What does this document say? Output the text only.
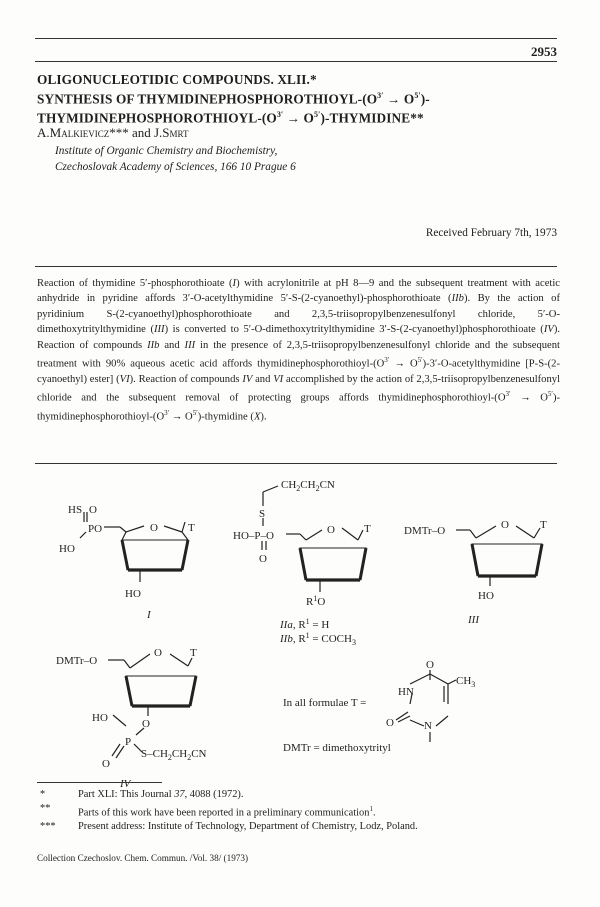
2953
OLIGONUCLEOTIDIC COMPOUNDS. XLII.*
SYNTHESIS OF THYMIDINEPHOSPHOROTHIOYL-$(O^{3'} \to O^{5'})-$
THYMIDINEPHOSPHOROTHIOYL-($O^{3'}$ → $O^{5'})-THYMIDINE**$
A.Malkievicz*** and J.Smrt
Institute of Organic Chemistry and Biochemistry,
Czechoslovak Academy of Sciences, 166 10 Prague 6
Received February 7th, 1973
Reaction of thymidine 5′-phosphorothioate (I) with acrylonitrile at pH 8—9 and the subsequent treatment with acetic anhydride in pyridine affords 3′-O-acetylthymidine 5′-S-(2-cyanoethyl)-phosphorothioate (IIb). By the action of pyridinium S-(2-cyanoethyl)phosphorothioate and 2,3,5-triisopropylbenzenesulfonyl chloride, 5′-O-dimethoxytritylthymidine (III) is converted to 5′-O-dimethoxytritylthymidine 3′-S-(2-cyanoethyl)phosphorothioate (IV). Reaction of compounds IIb and III in the presence of 2,3,5-triisopropylbenzenesulfonyl chloride and the subsequent treatment with 90% aqueous acetic acid affords thymidinephosphorothioyl-($O^{3'}$ → $O^{5'})-3'-O$-acetylthymidine [P-S-(2-cyanoethyl) ester] (VI). Reaction of compounds IV and VI accomplished by the action of 2,3,5-triisopropylbenzenesulfonyl chloride and the subsequent removal of protecting groups affords thymidinephosphorothioyl-($O^{3'}$ → $O^{5'})-thymidinephosphorothioyl-(O^{3'}$ → $O^{5'}$)-thymidine (X).
HS O
PO
HO
O	T
HO
I
$CH_2CH_2CN$
S
HO–P–O
O
O	T
$R^1O$
IIa, $R^1 = H$
IIb, $R^1$ = $COCH_3$
DMTr–O	O	T
HO
III
DMTr–O
O	T
HO	O
P
O
$S-CH_2CH_2CN$
IV
O
$CH_3$
HN
O	N
In all formulae T =
DMTr = dimethoxytrityl
*	Part XLI: This Journal 37, 4088 (1972).
**	Parts of this work have been reported in a preliminary communication$^1$.
***	Present address: Institute of Technology, Department of Chemistry, Lodz, Poland.
Collection Czechoslov. Chem. Commun. /Vol. 38/ (1973)
